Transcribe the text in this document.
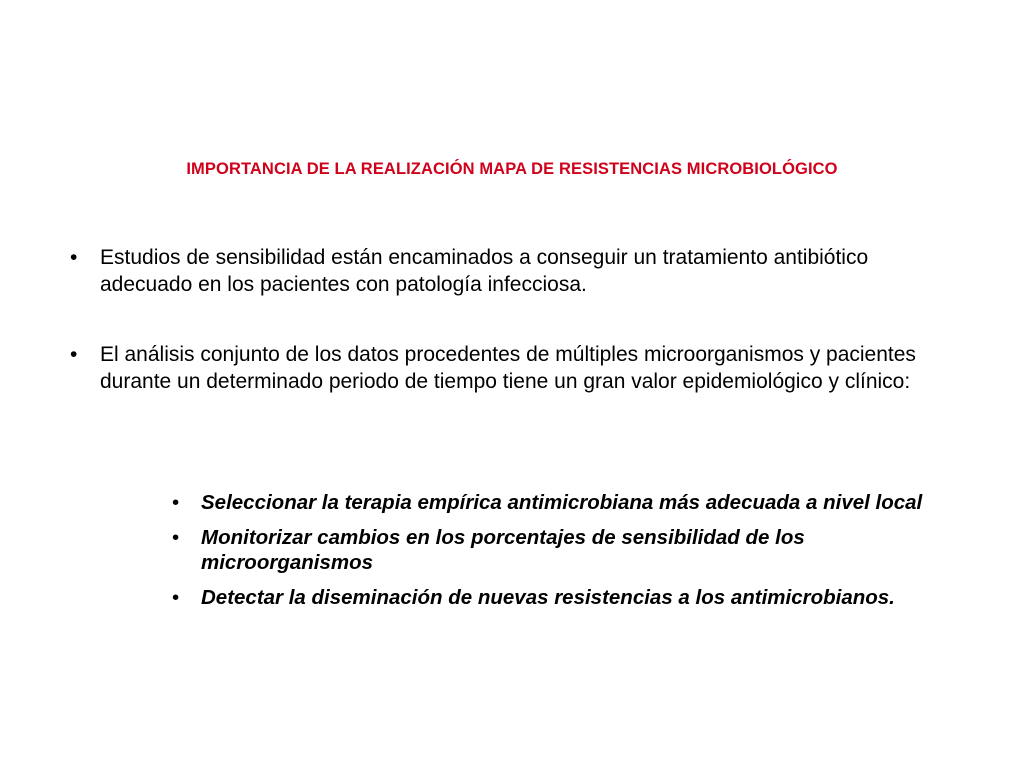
IMPORTANCIA DE LA REALIZACIÓN MAPA DE RESISTENCIAS MICROBIOLÓGICO
•	Estudios de sensibilidad están encaminados a conseguir un tratamiento antibiótico adecuado en los pacientes con patología infecciosa.
•	El análisis conjunto de los datos procedentes de múltiples microorganismos y pacientes durante un determinado periodo de tiempo tiene un gran valor epidemiológico y clínico:
•	Seleccionar la terapia empírica antimicrobiana más adecuada a nivel local
•	Monitorizar cambios en los porcentajes de sensibilidad de los microorganismos
•	Detectar la diseminación de nuevas resistencias a los antimicrobianos.
